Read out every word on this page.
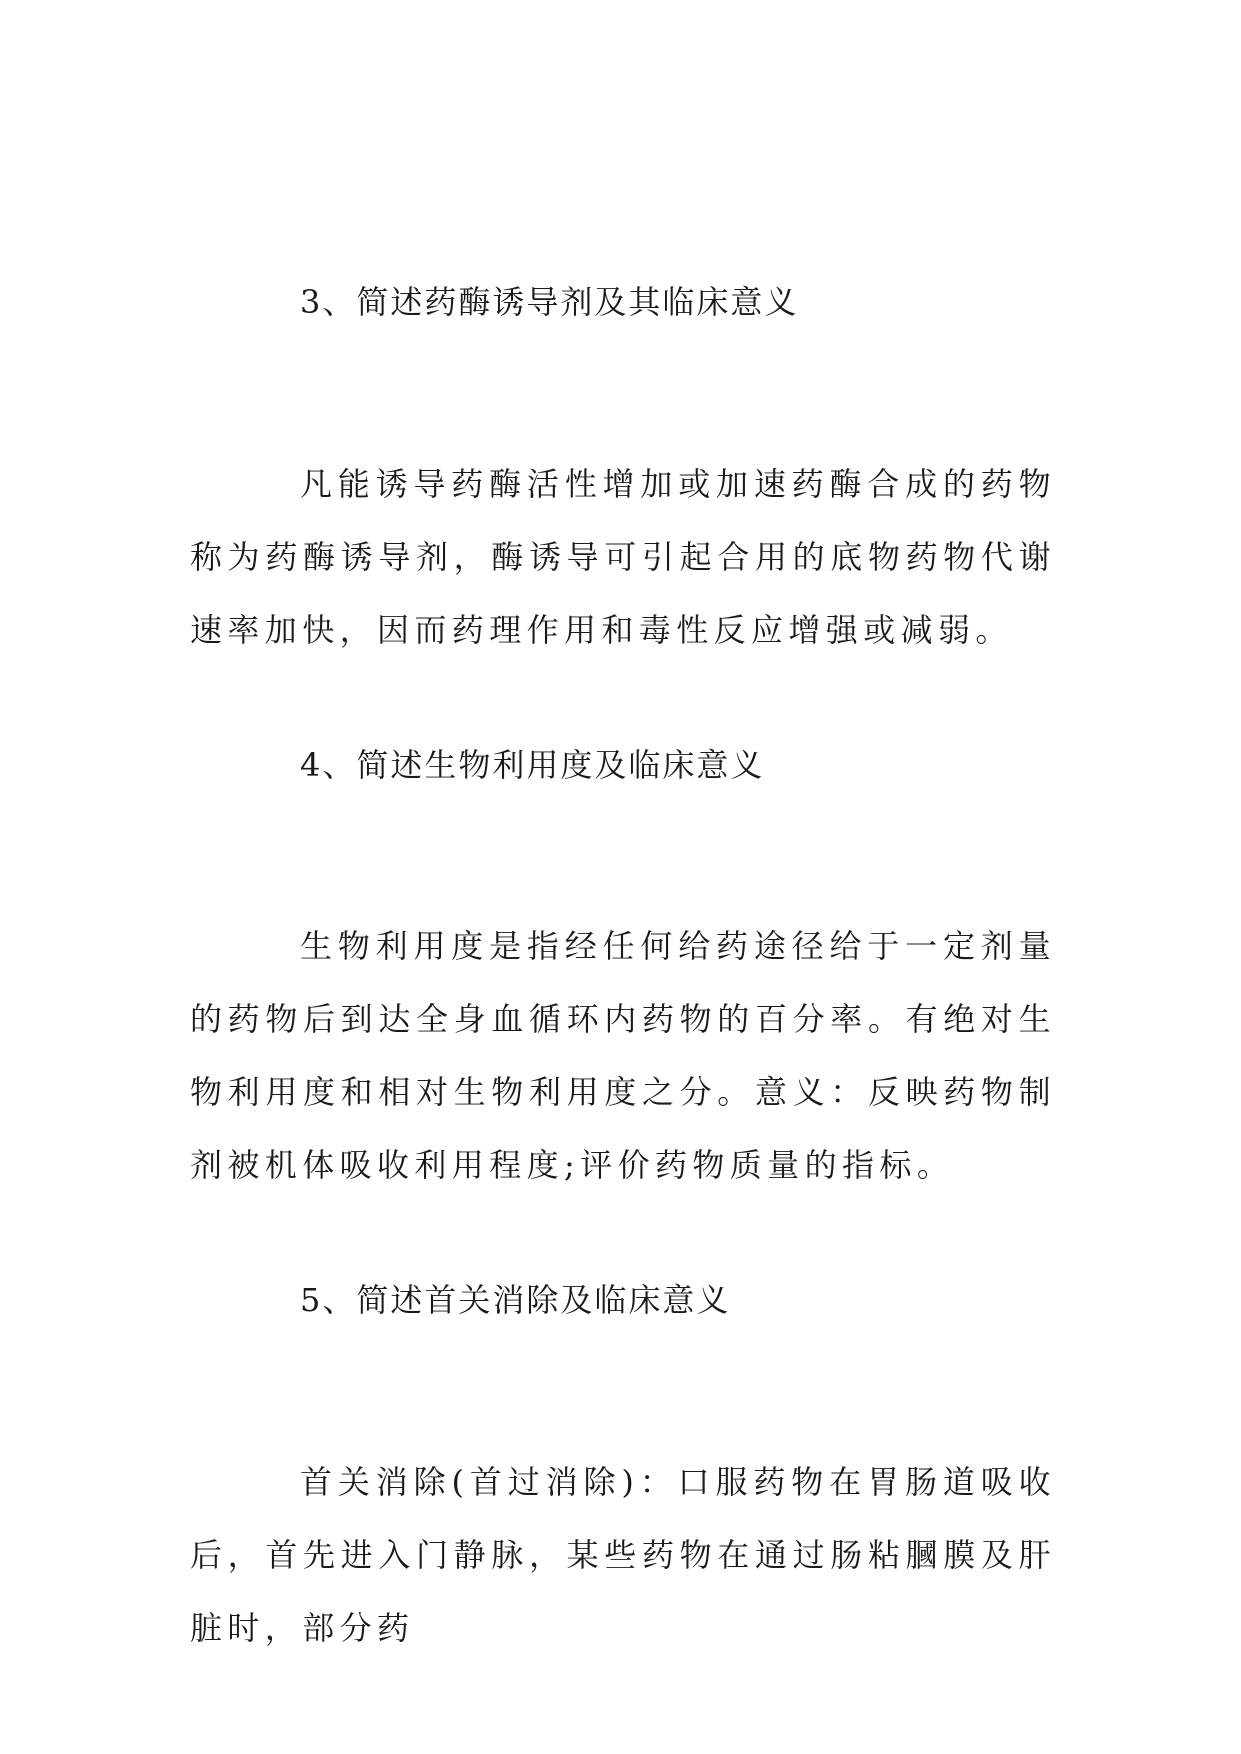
3、简述药酶诱导剂及其临床意义

凡能诱导药酶活性增加或加速药酶合成的药物称为药酶诱导剂，酶诱导可引起合用的底物药物代谢速率加快，因而药理作用和毒性反应增强或减弱。

4、简述生物利用度及临床意义

生物利用度是指经任何给药途径给于一定剂量的药物后到达全身血循环内药物的百分率。有绝对生物利用度和相对生物利用度之分。意义：反映药物制剂被机体吸收利用程度;评价药物质量的指标。

5、简述首关消除及临床意义

首关消除(首过消除)：口服药物在胃肠道吸收后，首先进入门静脉，某些药物在通过肠粘膕膜及肝脏时，部分药
